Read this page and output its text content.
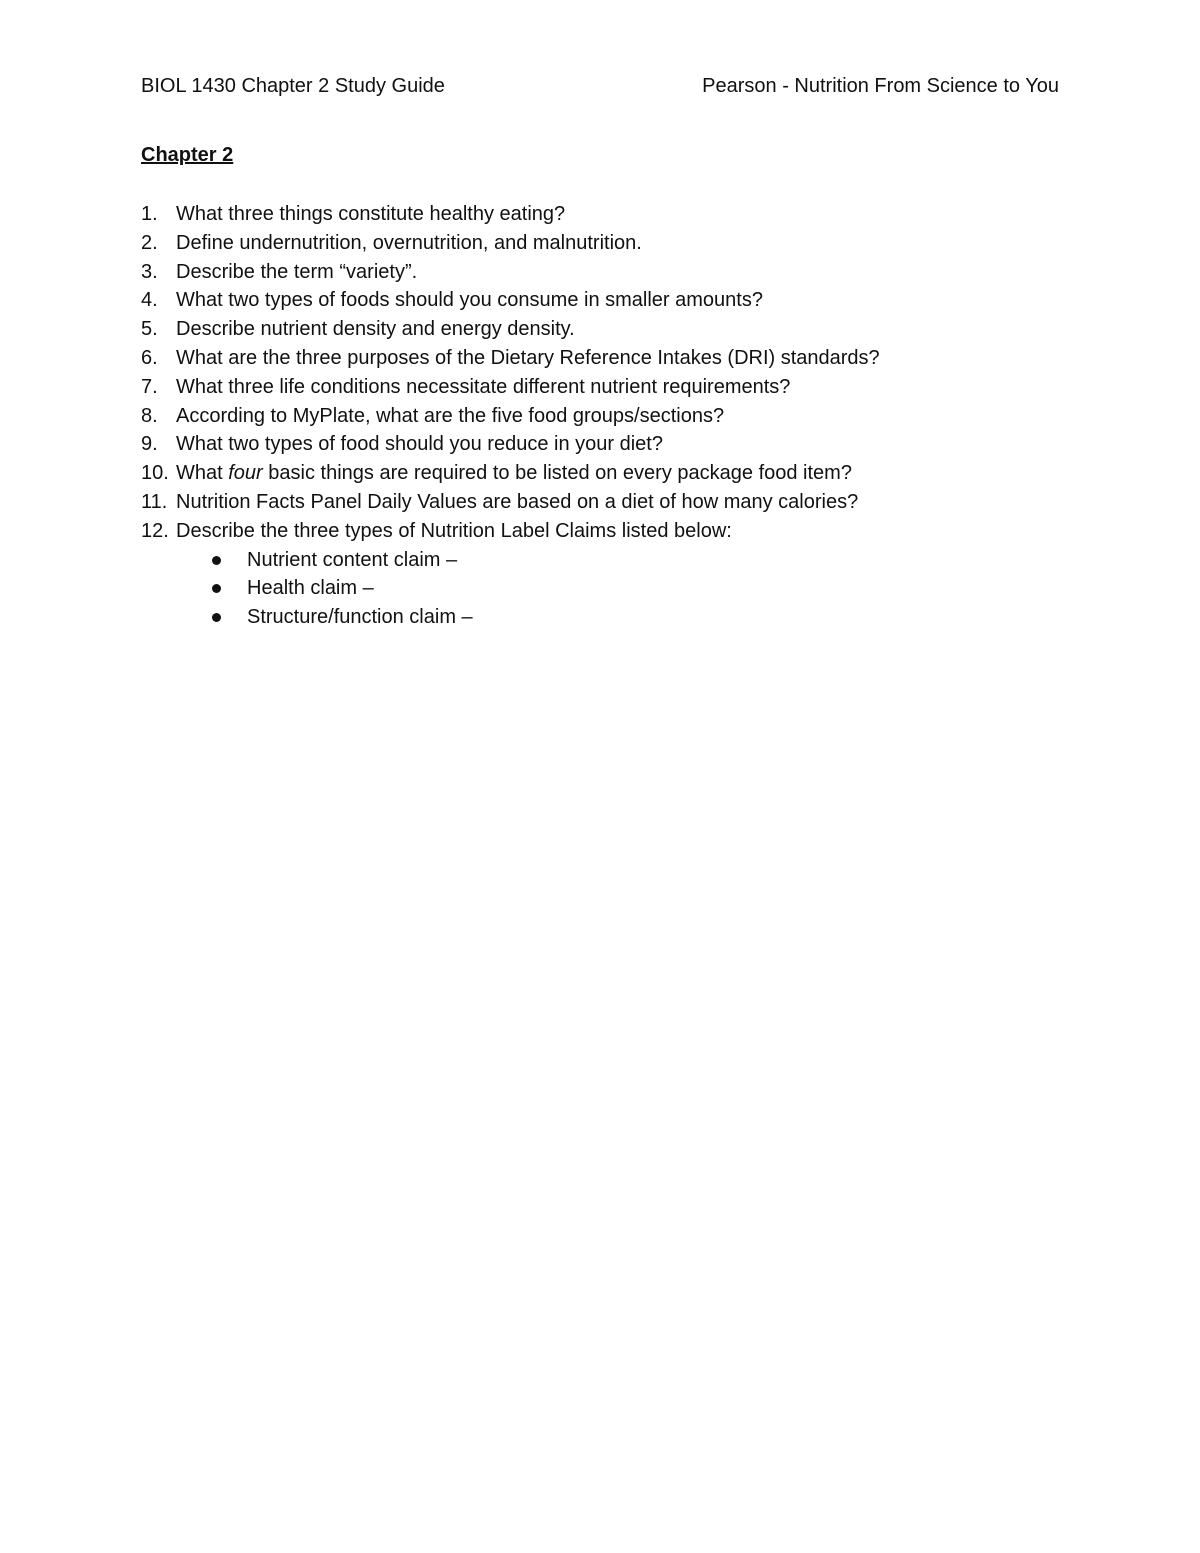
BIOL 1430 Chapter 2 Study Guide	Pearson - Nutrition From Science to You
Chapter 2
1. What three things constitute healthy eating?
2. Define undernutrition, overnutrition, and malnutrition.
3. Describe the term “variety”.
4. What two types of foods should you consume in smaller amounts?
5. Describe nutrient density and energy density.
6. What are the three purposes of the Dietary Reference Intakes (DRI) standards?
7. What three life conditions necessitate different nutrient requirements?
8. According to MyPlate, what are the five food groups/sections?
9. What two types of food should you reduce in your diet?
10. What four basic things are required to be listed on every package food item?
11. Nutrition Facts Panel Daily Values are based on a diet of how many calories?
12. Describe the three types of Nutrition Label Claims listed below:
Nutrient content claim –
Health claim –
Structure/function claim –
